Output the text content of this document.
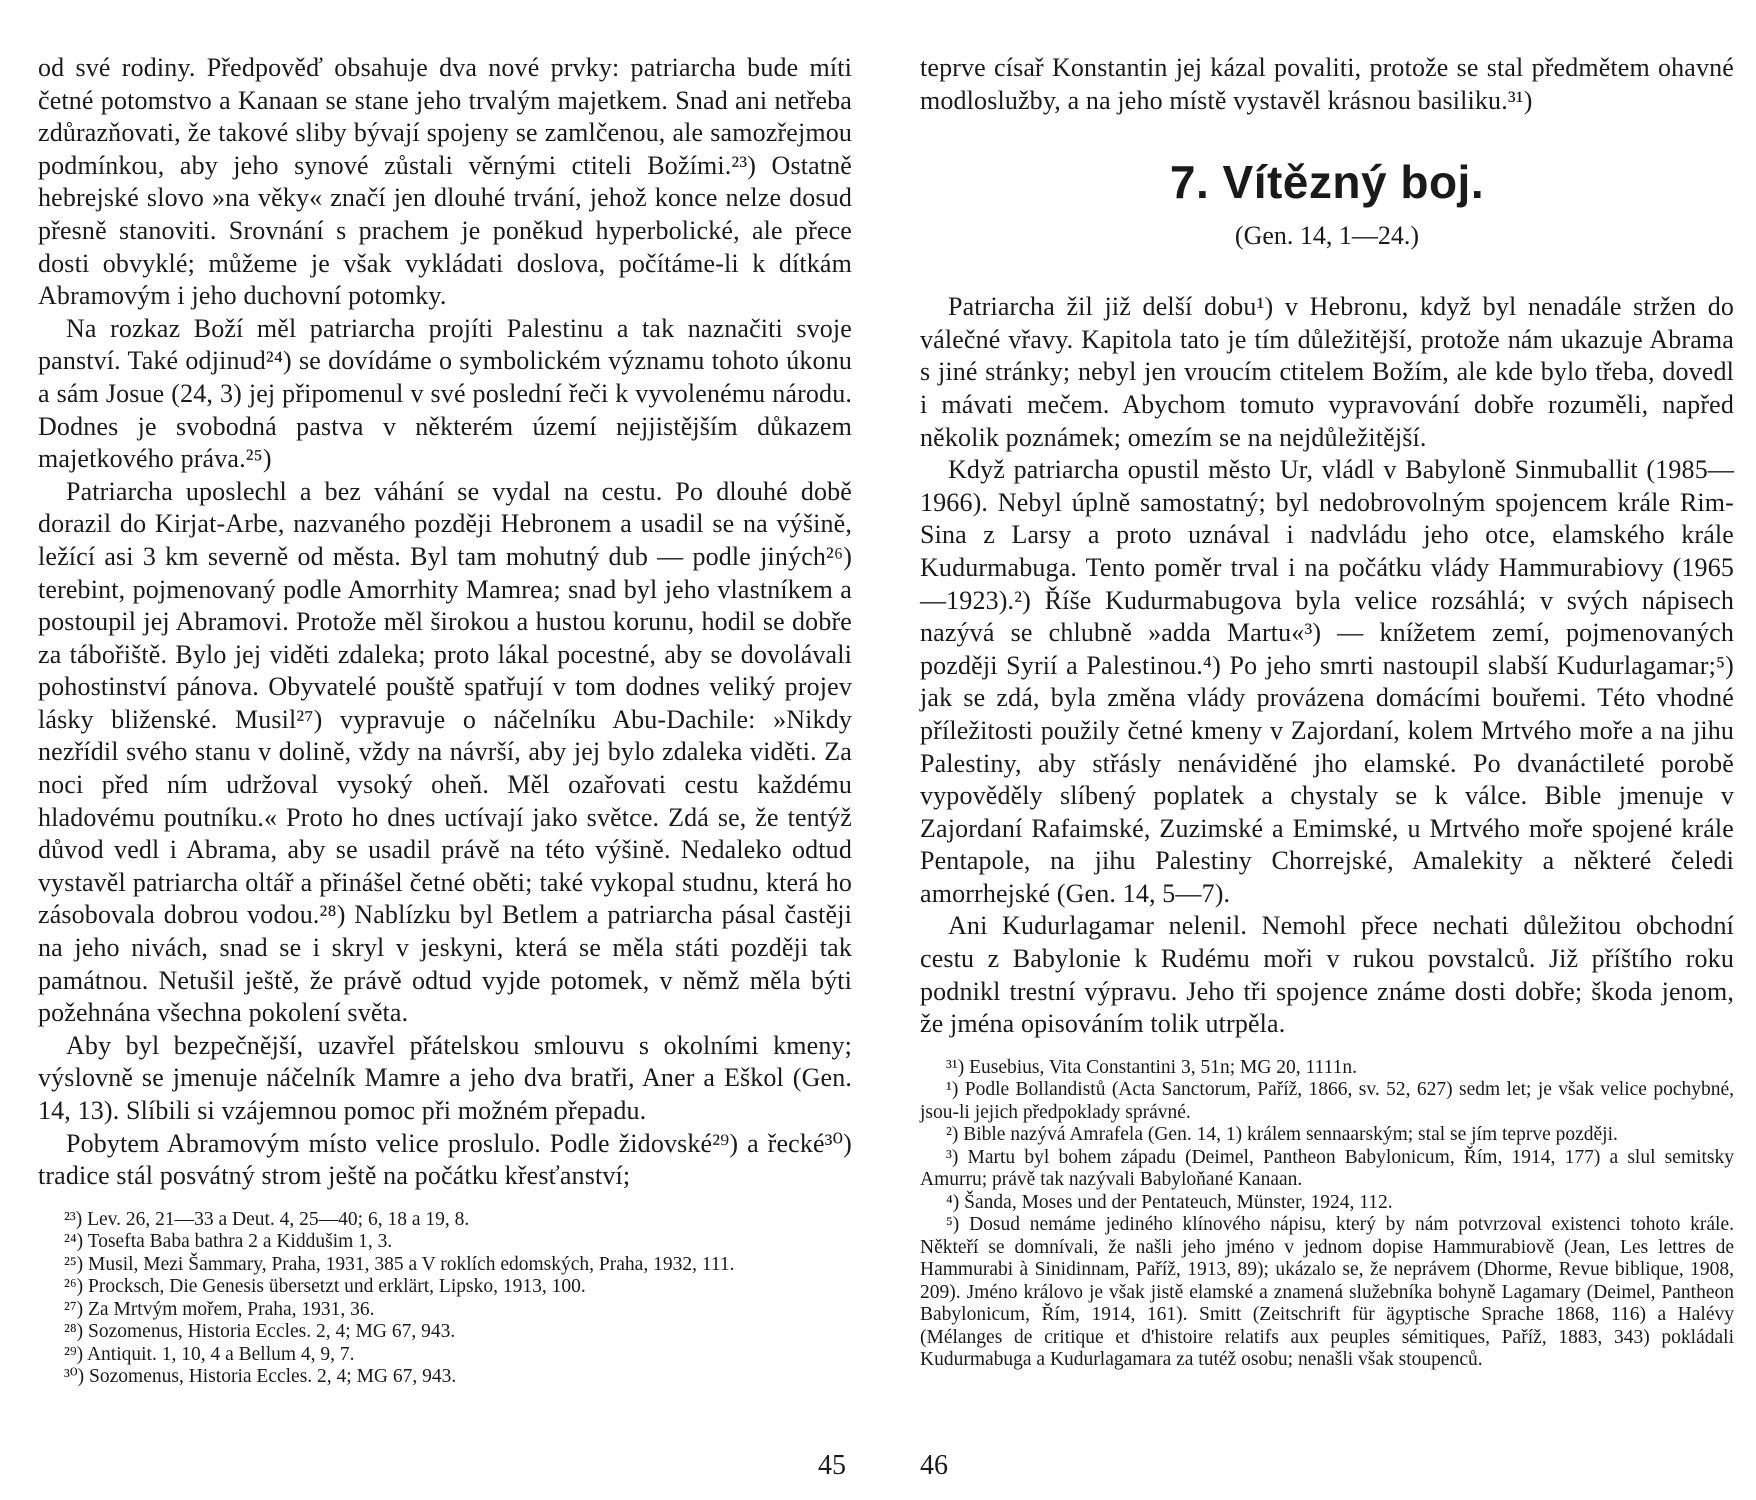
od své rodiny. Předpověď obsahuje dva nové prvky: patriarcha bude míti četné potomstvo a Kanaan se stane jeho trvalým majetkem. Snad ani netřeba zdůrazňovati, že takové sliby bývají spojeny se zamlčenou, ale samozřejmou podmínkou, aby jeho synové zůstali věrnými ctiteli Božími.²³) Ostatně hebrejské slovo »na věky« značí jen dlouhé trvání, jehož konce nelze dosud přesně stanoviti. Srovnání s prachem je poněkud hyperbolické, ale přece dosti obvyklé; můžeme je však vykládati doslova, počítáme-li k dítkám Abramovým i jeho duchovní potomky.

Na rozkaz Boží měl patriarcha projíti Palestinu a tak naznačiti svoje panství. Také odjinud²⁴) se dovídáme o symbolickém významu tohoto úkonu a sám Josue (24, 3) jej připomenul v své poslední řeči k vyvolenému národu. Dodnes je svobodná pastva v některém území nejjistějším důkazem majetkového práva.²⁵)

Patriarcha uposlechl a bez váhání se vydal na cestu. Po dlouhé době dorazil do Kirjat-Arbe, nazvaného později Hebronem a usadil se na výšině, ležící asi 3 km severně od města. Byl tam mohutný dub — podle jiných²⁶) terebint, pojmenovaný podle Amorrhity Mamrea; snad byl jeho vlastníkem a postoupil jej Abramovi. Protože měl širokou a hustou korunu, hodil se dobře za tábořiště. Bylo jej viděti zdaleka; proto lákal pocestné, aby se dovolávali pohostinství pánova. Obyvatelé pouště spatřují v tom dodnes veliký projev lásky bliženské. Musil²⁷) vypravuje o náčelníku Abu-Dachile: »Nikdy nezřídil svého stanu v dolině, vždy na návrší, aby jej bylo zdaleka viděti. Za noci před ním udržoval vysoký oheň. Měl ozařovati cestu každému hladovému poutníku.« Proto ho dnes uctívají jako světce. Zdá se, že tentýž důvod vedl i Abrama, aby se usadil právě na této výšině. Nedaleko odtud vystavěl patriarcha oltář a přinášel četné oběti; také vykopal studnu, která ho zásobovala dobrou vodou.²⁸) Nablízku byl Betlem a patriarcha pásal častěji na jeho nivách, snad se i skryl v jeskyni, která se měla státi později tak památnou. Netušil ještě, že právě odtud vyjde potomek, v němž měla býti požehnána všechna pokolení světa.

Aby byl bezpečnější, uzavřel přátelskou smlouvu s okolními kmeny; výslovně se jmenuje náčelník Mamre a jeho dva bratři, Aner a Eškol (Gen. 14, 13). Slíbili si vzájemnou pomoc při možném přepadu.

Pobytem Abramovým místo velice proslulo. Podle židovské²⁹) a řecké³⁰) tradice stál posvátný strom ještě na počátku křesťanství;

²³) Lev. 26, 21—33 a Deut. 4, 25—40; 6, 18 a 19, 8.

²⁴) Tosefta Baba bathra 2 a Kiddušim 1, 3.

²⁵) Musil, Mezi Šammary, Praha, 1931, 385 a V roklích edomských, Praha, 1932, 111.

²⁶) Procksch, Die Genesis übersetzt und erklärt, Lipsko, 1913, 100.

²⁷) Za Mrtvým mořem, Praha, 1931, 36.

²⁸) Sozomenus, Historia Eccles. 2, 4; MG 67, 943.

²⁹) Antiquit. 1, 10, 4 a Bellum 4, 9, 7.

³⁰) Sozomenus, Historia Eccles. 2, 4; MG 67, 943.

45

teprve císař Konstantin jej kázal povaliti, protože se stal předmětem ohavné modloslužby, a na jeho místě vystavěl krásnou basiliku.³¹)

7. Vítězný boj.
(Gen. 14, 1—24.)

Patriarcha žil již delší dobu¹) v Hebronu, když byl nenadále stržen do válečné vřavy. Kapitola tato je tím důležitější, protože nám ukazuje Abrama s jiné stránky; nebyl jen vroucím ctitelem Božím, ale kde bylo třeba, dovedl i mávati mečem. Abychom tomuto vypravování dobře rozuměli, napřed několik poznámek; omezím se na nejdůležitější.

Když patriarcha opustil město Ur, vládl v Babyloně Sinmuballit (1985—1966). Nebyl úplně samostatný; byl nedobrovolným spojencem krále Rim-Sina z Larsy a proto uznával i nadvládu jeho otce, elamského krále Kudurmabuga. Tento poměr trval i na počátku vlády Hammurabiovy (1965—1923).²) Říše Kudurmabugova byla velice rozsáhlá; v svých nápisech nazývá se chlubně »adda Martu«³) — knížetem zemí, pojmenovaných později Syrií a Palestinou.⁴) Po jeho smrti nastoupil slabší Kudurlagamar;⁵) jak se zdá, byla změna vlády provázena domácími bouřemi. Této vhodné příležitosti použily četné kmeny v Zajordaní, kolem Mrtvého moře a na jihu Palestiny, aby střásly nenáviděné jho elamské. Po dvanáctileté porobě vypověděly slíbený poplatek a chystaly se k válce. Bible jmenuje v Zajordaní Rafaimské, Zuzimské a Emimské, u Mrtvého moře spojené krále Pentapole, na jihu Palestiny Chorrejské, Amalekity a některé čeledi amorrhejské (Gen. 14, 5—7).

Ani Kudurlagamar nelenil. Nemohl přece nechati důležitou obchodní cestu z Babylonie k Rudému moři v rukou povstalců. Již příštího roku podnikl trestní výpravu. Jeho tři spojence známe dosti dobře; škoda jenom, že jména opisováním tolik utrpěla.

³¹) Eusebius, Vita Constantini 3, 51n; MG 20, 1111n.

¹) Podle Bollandistů (Acta Sanctorum, Paříž, 1866, sv. 52, 627) sedm let; je však velice pochybné, jsou-li jejich předpoklady správné.

²) Bible nazývá Amrafela (Gen. 14, 1) králem sennaarským; stal se jím teprve později.

³) Martu byl bohem západu (Deimel, Pantheon Babylonicum, Řím, 1914, 177) a slul semitsky Amurru; právě tak nazývali Babyloňané Kanaan.

⁴) Šanda, Moses und der Pentateuch, Münster, 1924, 112.

⁵) Dosud nemáme jediného klínového nápisu, který by nám potvrzoval existenci tohoto krále. Někteří se domnívali, že našli jeho jméno v jednom dopise Hammurabiově (Jean, Les lettres de Hammurabi à Sinidinnam, Paříž, 1913, 89); ukázalo se, že neprávem (Dhorme, Revue biblique, 1908, 209). Jméno královo je však jistě elamské a znamená služebníka bohyně Lagamary (Deimel, Pantheon Babylonicum, Řím, 1914, 161). Smitt (Zeitschrift für ägyptische Sprache 1868, 116) a Halévy (Mélanges de critique et d'histoire relatifs aux peuples sémitiques, Paříž, 1883, 343) pokládali Kudurmabuga a Kudurlagamara za tutéž osobu; nenašli však stoupenců.

46
